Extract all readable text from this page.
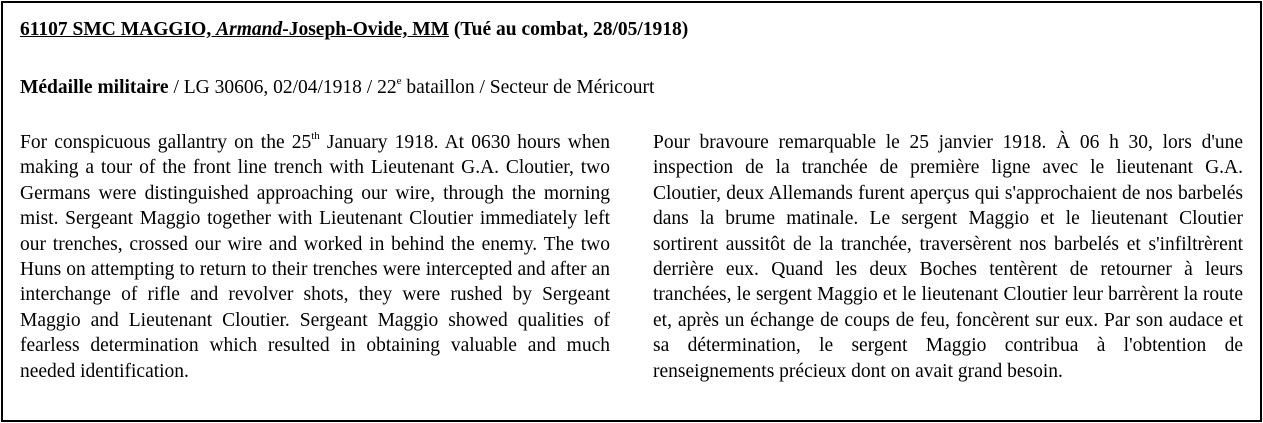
61107 SMC MAGGIO, Armand-Joseph-Ovide, MM (Tué au combat, 28/05/1918)
Médaille militaire / LG 30606, 02/04/1918 / 22e bataillon / Secteur de Méricourt
For conspicuous gallantry on the 25th January 1918. At 0630 hours when making a tour of the front line trench with Lieutenant G.A. Cloutier, two Germans were distinguished approaching our wire, through the morning mist. Sergeant Maggio together with Lieutenant Cloutier immediately left our trenches, crossed our wire and worked in behind the enemy. The two Huns on attempting to return to their trenches were intercepted and after an interchange of rifle and revolver shots, they were rushed by Sergeant Maggio and Lieutenant Cloutier. Sergeant Maggio showed qualities of fearless determination which resulted in obtaining valuable and much needed identification.
Pour bravoure remarquable le 25 janvier 1918. À 06 h 30, lors d'une inspection de la tranchée de première ligne avec le lieutenant G.A. Cloutier, deux Allemands furent aperçus qui s'approchaient de nos barbelés dans la brume matinale. Le sergent Maggio et le lieutenant Cloutier sortirent aussitôt de la tranchée, traversèrent nos barbelés et s'infiltrèrent derrière eux. Quand les deux Boches tentèrent de retourner à leurs tranchées, le sergent Maggio et le lieutenant Cloutier leur barrèrent la route et, après un échange de coups de feu, foncèrent sur eux. Par son audace et sa détermination, le sergent Maggio contribua à l'obtention de renseignements précieux dont on avait grand besoin.
